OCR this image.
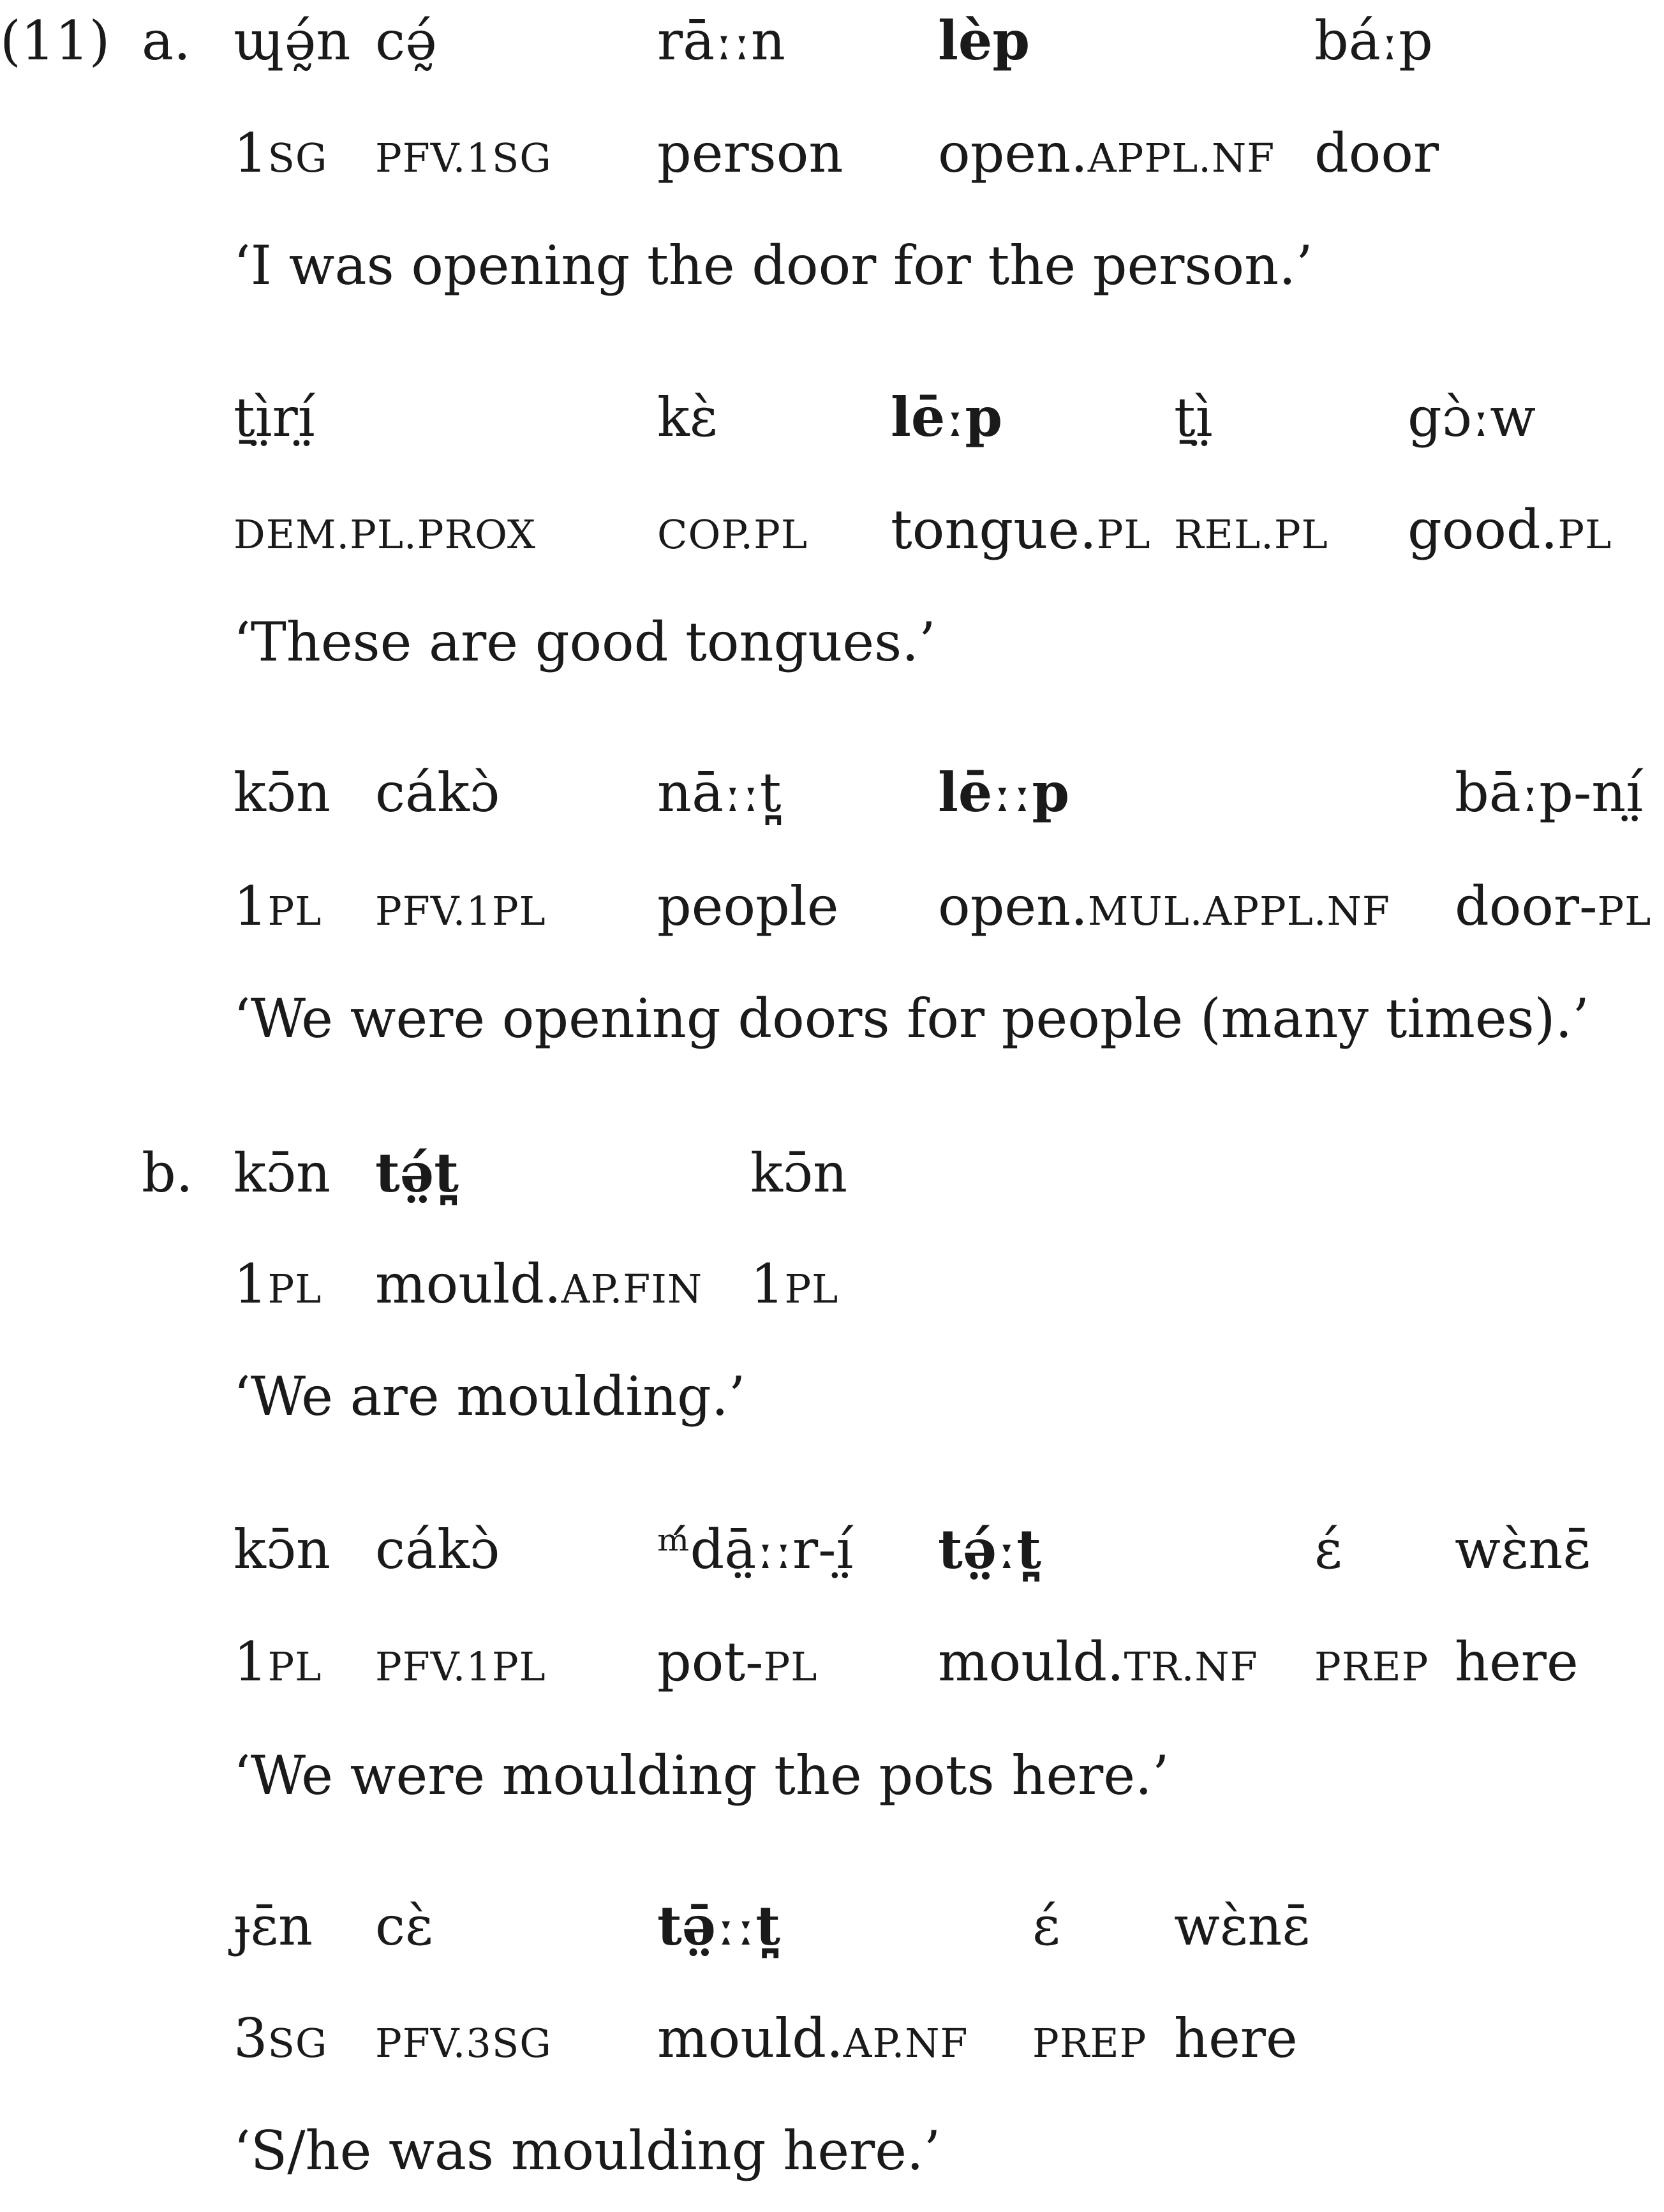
(11) a.
b.
ɰə̰́n cə̰́	rāːːn	lèp	báːp
1SG PFV.1SG person open.APPL.NF door
‘I was opening the door for the person.’
ṯì̤rí̤	kɛ̀	lēːp	ṯì̤	gɔ̀ːw
DEM.PL.PROX	COP.PL tongue.PL REL.PL good.PL
‘These are good tongues.’
kɔ̄n cákɔ̀	nāːːt̪	lēːːp	bāːp-ní̤
1PL PFV.1PL people open.MUL.APPL.NF door-PL
‘We were opening doors for people (many times).’
kɔ̄n tə̤́t̪	kɔ̄n
1PL mould.AP.FIN 1PL
‘We are moulding.’
kɔ̄n cákɔ̀	ᵐ́dā̤ːːr-í̤ tə̤́ːt̪	ɛ́ wɛ̀nɛ̄
1PL PFV.1PL pot-PL mould.TR.NF PREP here
‘We were moulding the pots here.’
ɟɛ̄n cɛ̀	tə̤̄ːːt̪	ɛ́ wɛ̀nɛ̄
3SG PFV.3SG mould.AP.NF PREP here
‘S/he was moulding here.’
